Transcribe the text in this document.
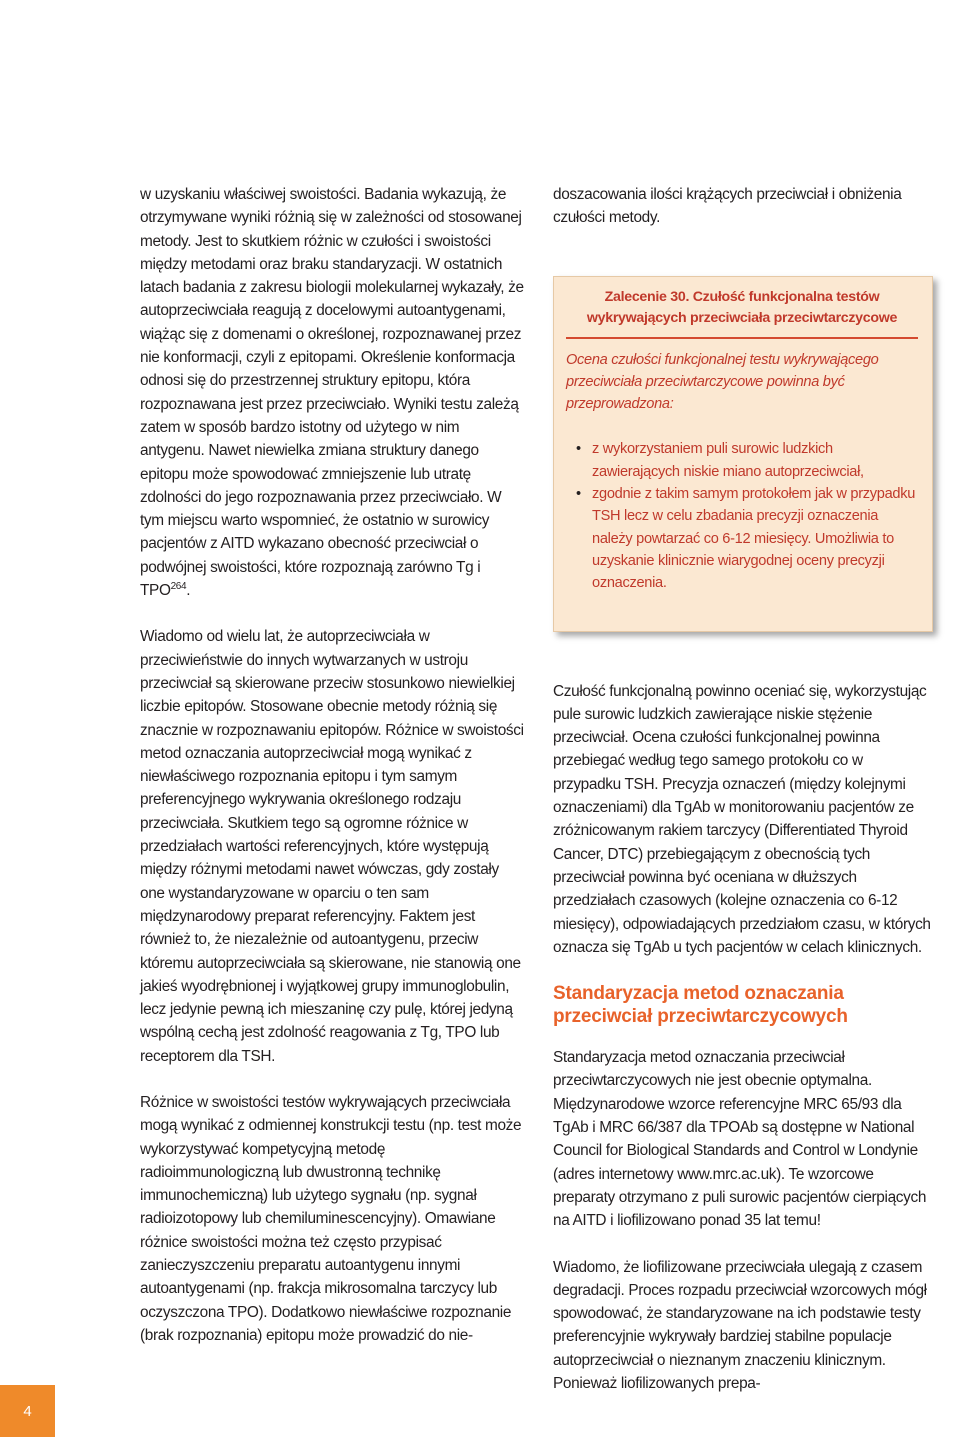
w uzyskaniu właściwej swoistości. Badania wykazują, że otrzymywane wyniki różnią się w zależności od stosowanej metody. Jest to skutkiem różnic w czułości i swoistości między metodami oraz braku standaryzacji. W ostatnich latach badania z zakresu biologii molekularnej wykazały, że autoprzeciwciała reagują z docelowymi autoantygenami, wiążąc się z domenami o określonej, rozpoznawanej przez nie konformacji, czyli z epitopami. Określenie konformacja odnosi się do przestrzennej struktury epitopu, która rozpoznawana jest przez przeciwciało. Wyniki testu zależą zatem w sposób bardzo istotny od użytego w nim antygenu. Nawet niewielka zmiana struktury danego epitopu może spowodować zmniejszenie lub utratę zdolności do jego rozpoznawania przez przeciwciało. W tym miejscu warto wspomnieć, że ostatnio w surowicy pacjentów z AITD wykazano obecność przeciwciał o podwójnej swoistości, które rozpoznają zarówno Tg i TPO$^{264}$.

Wiadomo od wielu lat, że autoprzeciwciała w przeciwieństwie do innych wytwarzanych w ustroju przeciwciał są skierowane przeciw stosunkowo niewielkiej liczbie epitopów. Stosowane obecnie metody różnią się znacznie w rozpoznawaniu epitopów. Różnice w swoistości metod oznaczania autoprzeciwciał mogą wynikać z niewłaściwego rozpoznania epitopu i tym samym preferencyjnego wykrywania określonego rodzaju przeciwciała. Skutkiem tego są ogromne różnice w przedziałach wartości referencyjnych, które występują między różnymi metodami nawet wówczas, gdy zostały one wystandaryzowane w oparciu o ten sam międzynarodowy preparat referencyjny. Faktem jest również to, że niezależnie od autoantygenu, przeciw któremu autoprzeciwciała są skierowane, nie stanowią one jakieś wyodrębnionej i wyjątkowej grupy immunoglobulin, lecz jedynie pewną ich mieszaninę czy pulę, której jedyną wspólną cechą jest zdolność reagowania z Tg, TPO lub receptorem dla TSH.

Różnice w swoistości testów wykrywających przeciwciała mogą wynikać z odmiennej konstrukcji testu (np. test może wykorzystywać kompetycyjną metodę radioimmunologiczną lub dwustronną technikę immunochemiczną) lub użytego sygnału (np. sygnał radioizotopowy lub chemiluminescencyjny). Omawiane różnice swoistości można też często przypisać zanieczyszczeniu preparatu autoantygenu innymi autoantygenami (np. frakcja mikrosomalna tarczycy lub oczyszczona TPO). Dodatkowo niewłaściwe rozpoznanie (brak rozpoznania) epitopu może prowadzić do nie-

doszacowania ilości krążących przeciwciał i obniżenia czułości metody.

Zalecenie 30. Czułość funkcjonalna testów
wykrywających przeciwciała przeciwtarczycowe

Ocena czułości funkcjonalnej testu wykrywającego przeciwciała przeciwtarczycowe powinna być przeprowadzona:

• z wykorzystaniem puli surowic ludzkich zawierających niskie miano autoprzeciwciał,
• zgodnie z takim samym protokołem jak w przypadku TSH lecz w celu zbadania precyzji oznaczenia należy powtarzać co 6-12 miesięcy. Umożliwia to uzyskanie klinicznie wiarygodnej oceny precyzji oznaczenia.

Czułość funkcjonalną powinno oceniać się, wykorzystując pule surowic ludzkich zawierające niskie stężenie przeciwciał. Ocena czułości funkcjonalnej powinna przebiegać według tego samego protokołu co w przypadku TSH. Precyzja oznaczeń (między kolejnymi oznaczeniami) dla TgAb w monitorowaniu pacjentów ze zróżnicowanym rakiem tarczycy (Differentiated Thyroid Cancer, DTC) przebiegającym z obecnością tych przeciwciał powinna być oceniana w dłuższych przedziałach czasowych (kolejne oznaczenia co 6-12 miesięcy), odpowiadających przedziałom czasu, w których oznacza się TgAb u tych pacjentów w celach klinicznych.

Standaryzacja metod oznaczania przeciwciał przeciwtarczycowych

Standaryzacja metod oznaczania przeciwciał przeciwtarczycowych nie jest obecnie optymalna. Międzynarodowe wzorce referencyjne MRC 65/93 dla TgAb i MRC 66/387 dla TPOAb są dostępne w National Council for Biological Standards and Control w Londynie (adres internetowy www.mrc.ac.uk). Te wzorcowe preparaty otrzymano z puli surowic pacjentów cierpiących na AITD i liofilizowano ponad 35 lat temu!

Wiadomo, że liofilizowane przeciwciała ulegają z czasem degradacji. Proces rozpadu przeciwciał wzorcowych mógł spowodować, że standaryzowane na ich podstawie testy preferencyjnie wykrywały bardziej stabilne populacje autoprzeciwciał o nieznanym znaczeniu klinicznym. Ponieważ liofilizowanych prepa-

4
